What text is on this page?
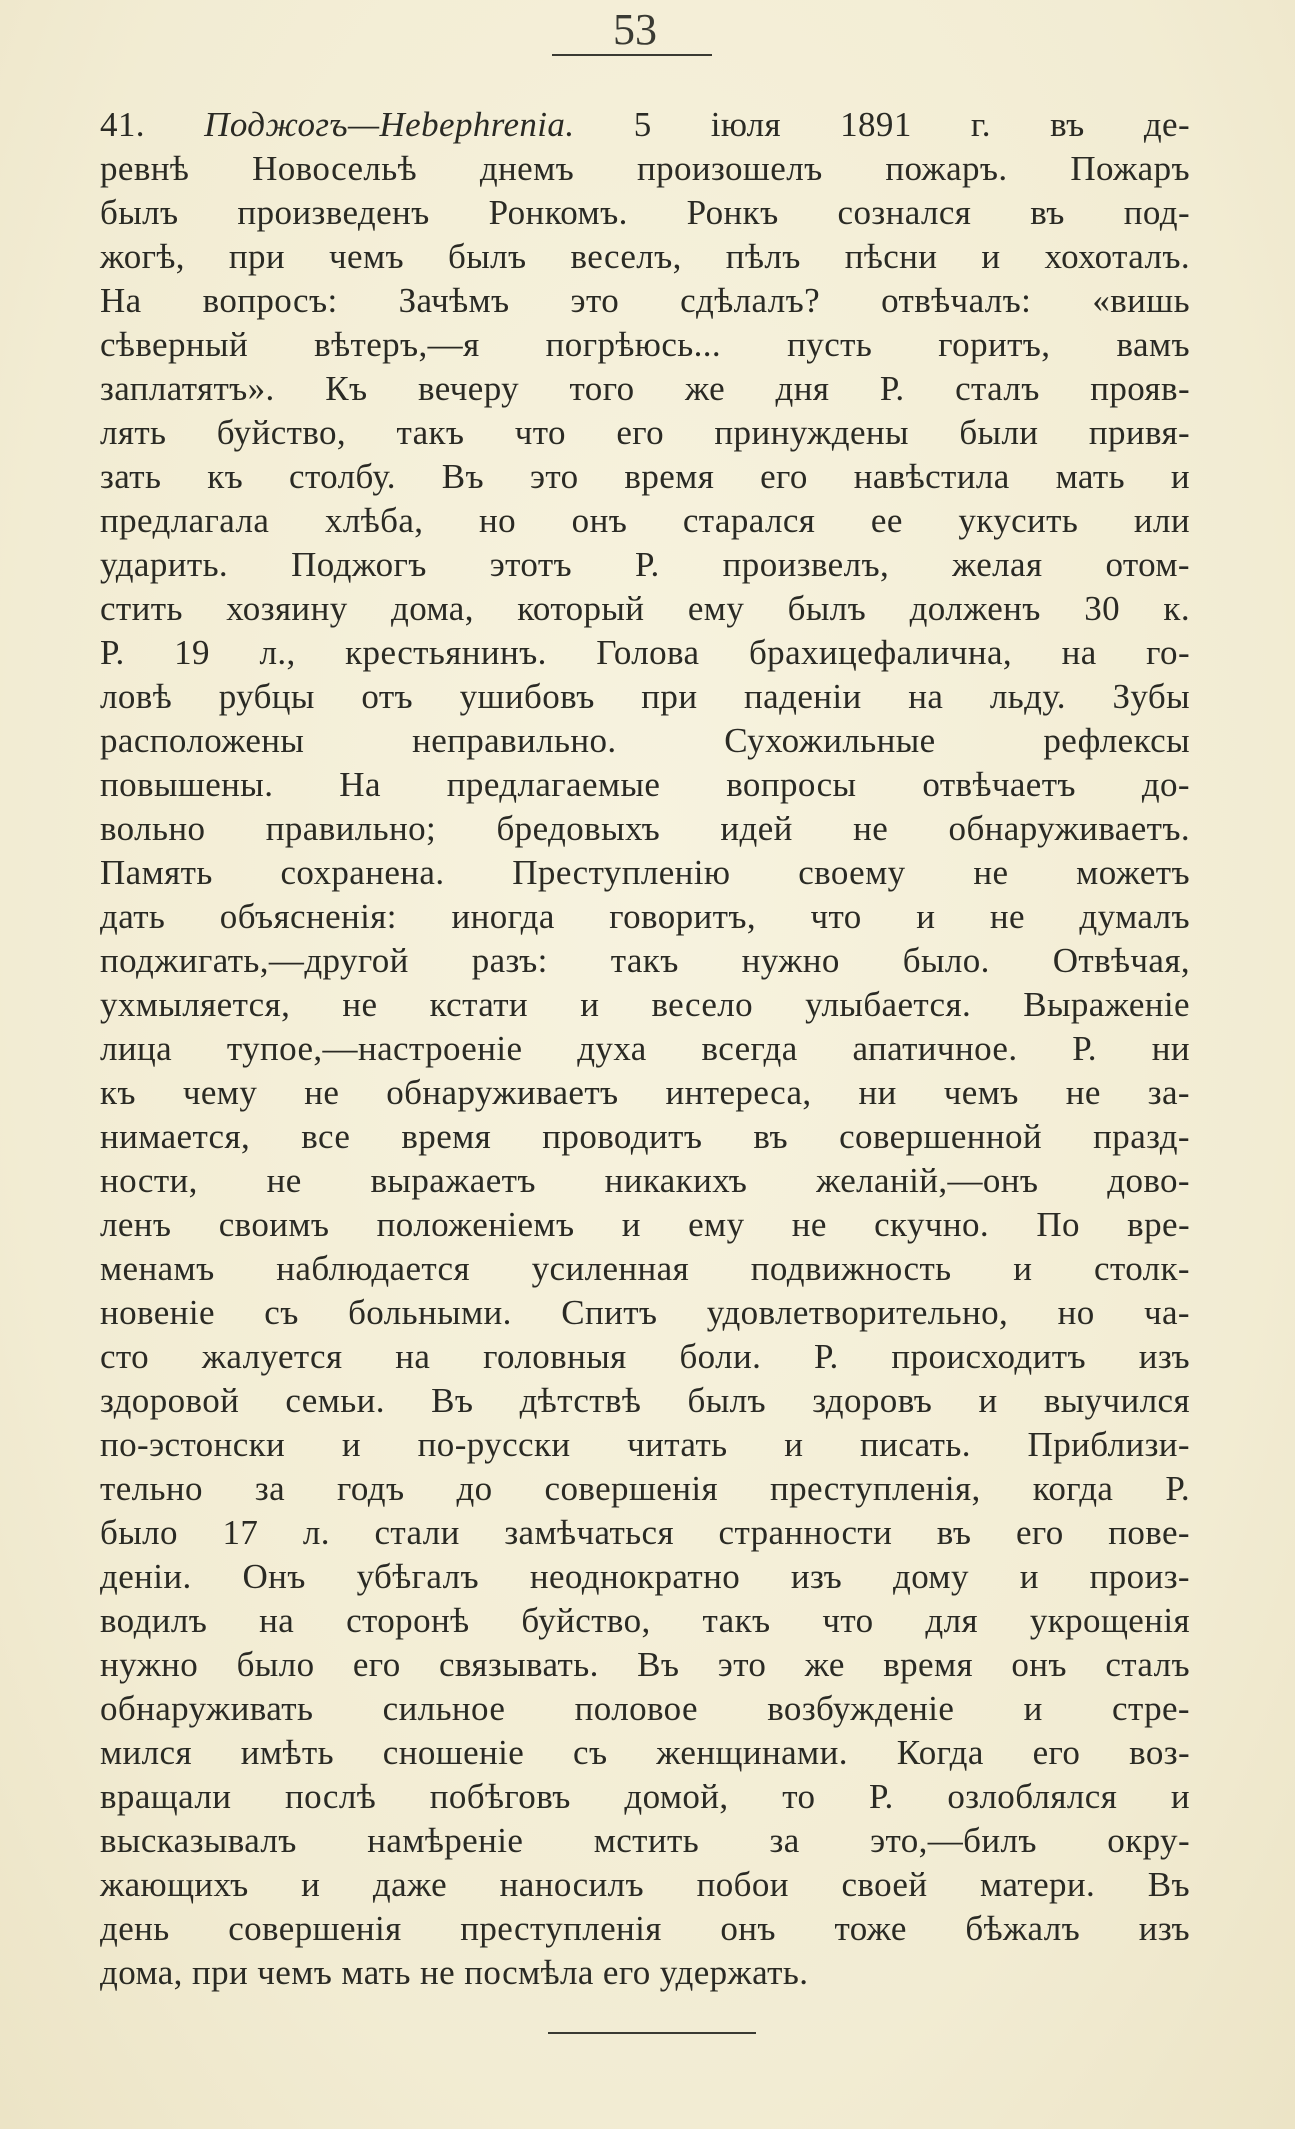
53
41. Поджогъ—Hebephrenia. 5 іюля 1891 г. въ де-
ревнѣ Новосельѣ днемъ произошелъ пожаръ. Пожаръ
былъ произведенъ Ронкомъ. Ронкъ сознался въ под-
жогѣ, при чемъ былъ веселъ, пѣлъ пѣсни и хохоталъ.
На вопросъ: Зачѣмъ это сдѣлалъ? отвѣчалъ: «вишь
сѣверный вѣтеръ,—я погрѣюсь... пусть горитъ, вамъ
заплатятъ». Къ вечеру того же дня Р. сталъ прояв-
лять буйство, такъ что его принуждены были привя-
зать къ столбу. Въ это время его навѣстила мать и
предлагала хлѣба, но онъ старался ее укусить или
ударить. Поджогъ этотъ Р. произвелъ, желая отом-
стить хозяину дома, который ему былъ долженъ 30 к.
Р. 19 л., крестьянинъ. Голова брахицефалична, на го-
ловѣ рубцы отъ ушибовъ при паденіи на льду. Зубы
расположены неправильно. Сухожильные рефлексы
повышены. На предлагаемые вопросы отвѣчаетъ до-
вольно правильно; бредовыхъ идей не обнаруживаетъ.
Память сохранена. Преступленію своему не можетъ
дать объясненія: иногда говоритъ, что и не думалъ
поджигать,—другой разъ: такъ нужно было. Отвѣчая,
ухмыляется, не кстати и весело улыбается. Выраженіе
лица тупое,—настроеніе духа всегда апатичное. Р. ни
къ чему не обнаруживаетъ интереса, ни чемъ не за-
нимается, все время проводитъ въ совершенной празд-
ности, не выражаетъ никакихъ желаній,—онъ дово-
ленъ своимъ положеніемъ и ему не скучно. По вре-
менамъ наблюдается усиленная подвижность и столк-
новеніе съ больными. Спитъ удовлетворительно, но ча-
сто жалуется на головныя боли. Р. происходитъ изъ
здоровой семьи. Въ дѣтствѣ былъ здоровъ и выучился
по-эстонски и по-русски читать и писать. Приблизи-
тельно за годъ до совершенія преступленія, когда Р.
было 17 л. стали замѣчаться странности въ его пове-
деніи. Онъ убѣгалъ неоднократно изъ дому и произ-
водилъ на сторонѣ буйство, такъ что для укрощенія
нужно было его связывать. Въ это же время онъ сталъ
обнаруживать сильное половое возбужденіе и стре-
мился имѣть сношеніе съ женщинами. Когда его воз-
вращали послѣ побѣговъ домой, то Р. озлоблялся и
высказывалъ намѣреніе мстить за это,—билъ окру-
жающихъ и даже наносилъ побои своей матери. Въ
день совершенія преступленія онъ тоже бѣжалъ изъ
дома, при чемъ мать не посмѣла его удержать.
